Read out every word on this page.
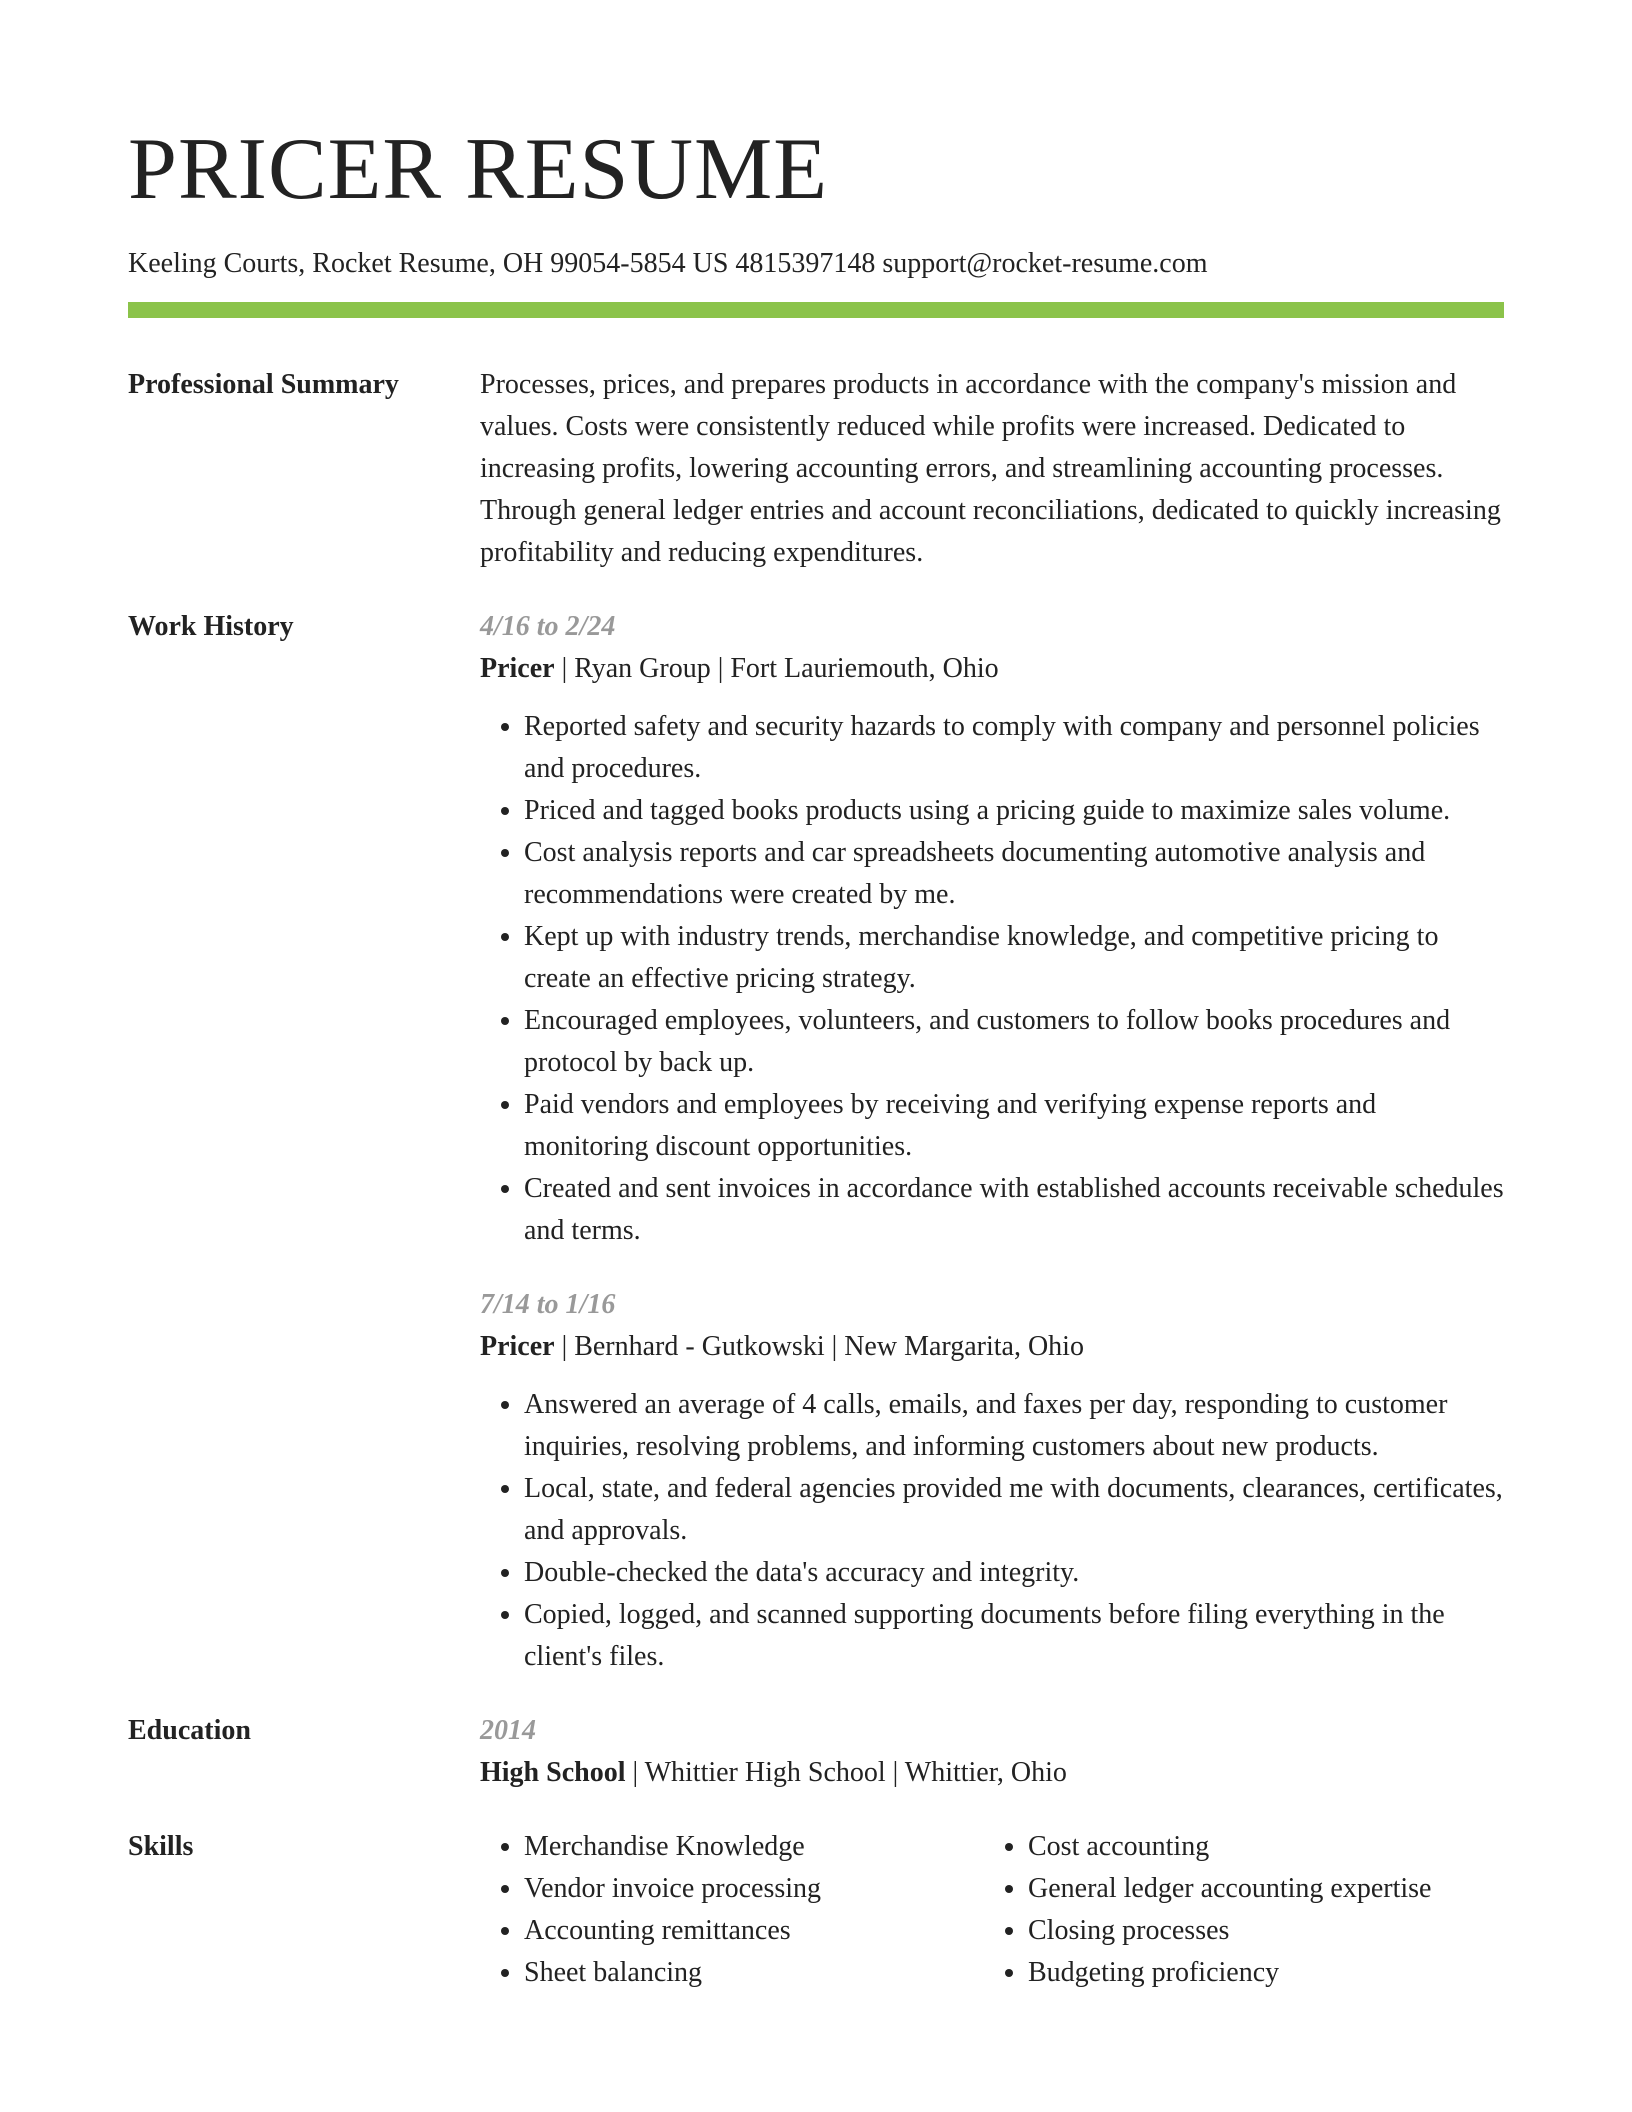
PRICER RESUME
Keeling Courts, Rocket Resume, OH 99054-5854 US 4815397148 support@rocket-resume.com
Professional Summary	Processes, prices, and prepares products in accordance with the company's mission and values. Costs were consistently reduced while profits were increased. Dedicated to increasing profits, lowering accounting errors, and streamlining accounting processes. Through general ledger entries and account reconciliations, dedicated to quickly increasing profitability and reducing expenditures.

Work History	4/16 to 2/24
Pricer | Ryan Group | Fort Lauriemouth, Ohio
• Reported safety and security hazards to comply with company and personnel policies and procedures.
• Priced and tagged books products using a pricing guide to maximize sales volume.
• Cost analysis reports and car spreadsheets documenting automotive analysis and recommendations were created by me.
• Kept up with industry trends, merchandise knowledge, and competitive pricing to create an effective pricing strategy.
• Encouraged employees, volunteers, and customers to follow books procedures and protocol by back up.
• Paid vendors and employees by receiving and verifying expense reports and monitoring discount opportunities.
• Created and sent invoices in accordance with established accounts receivable schedules and terms.
7/14 to 1/16
Pricer | Bernhard - Gutkowski | New Margarita, Ohio
• Answered an average of 4 calls, emails, and faxes per day, responding to customer inquiries, resolving problems, and informing customers about new products.
• Local, state, and federal agencies provided me with documents, clearances, certificates, and approvals.
• Double-checked the data's accuracy and integrity.
• Copied, logged, and scanned supporting documents before filing everything in the client's files.
Education	2014
High School | Whittier High School | Whittier, Ohio
Skills
•	Merchandise Knowledge
• Vendor invoice processing
• Accounting remittances
• Sheet balancing
• Cost accounting
• General ledger accounting expertise
• Closing processes
• Budgeting proficiency
